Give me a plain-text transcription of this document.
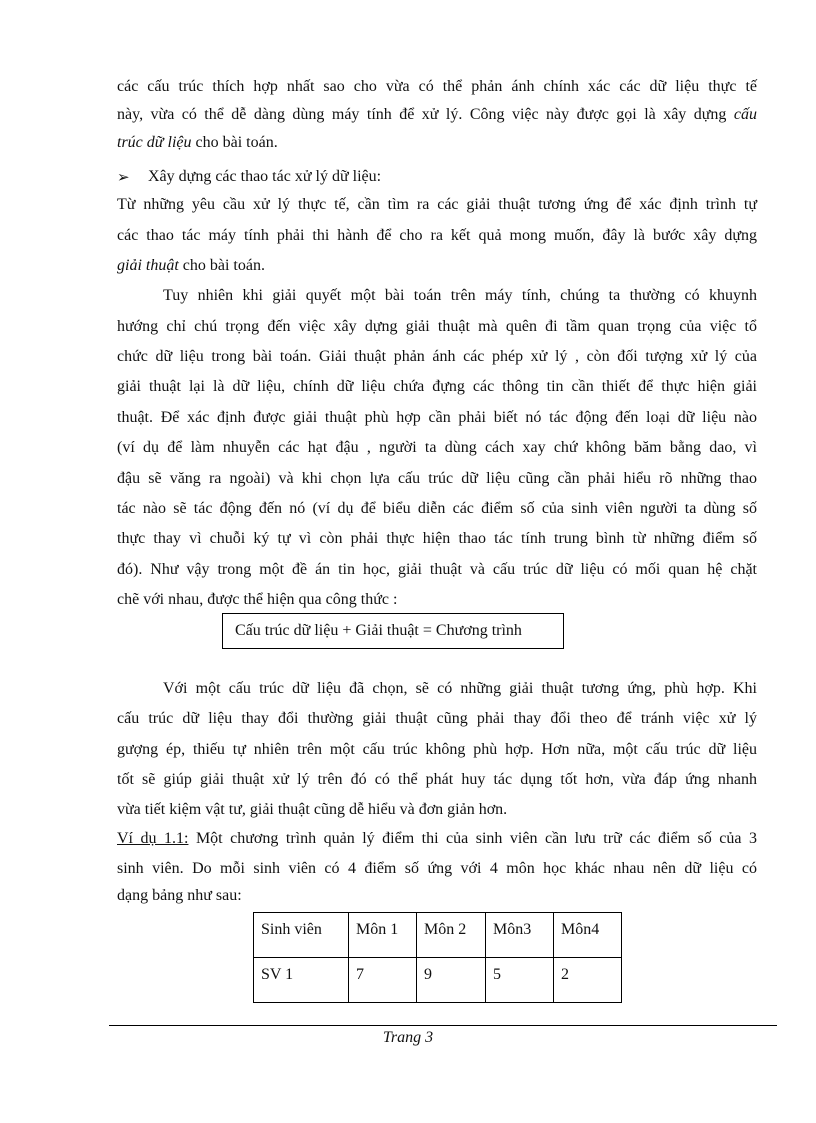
các cấu trúc thích hợp nhất sao cho vừa có thể phản ánh chính xác các dữ liệu thực tế
này, vừa có thể dễ dàng dùng máy tính để xử lý. Công việc này được gọi là xây dựng cấu
trúc dữ liệu cho bài toán.
➢ Xây dựng các thao tác xử lý dữ liệu:
Từ những yêu cầu xử lý thực tế, cần tìm ra các giải thuật tương ứng để xác định trình tự
các thao tác máy tính phải thi hành để cho ra kết quả mong muốn, đây là bước xây dựng
giải thuật cho bài toán.
Tuy nhiên khi giải quyết một bài toán trên máy tính, chúng ta thường có khuynh
hướng chỉ chú trọng đến việc xây dựng giải thuật mà quên đi tầm quan trọng của việc tổ
chức dữ liệu trong bài toán. Giải thuật phản ánh các phép xử lý , còn đối tượng xử lý của
giải thuật lại là dữ liệu, chính dữ liệu chứa đựng các thông tin cần thiết để thực hiện giải
thuật. Để xác định được giải thuật phù hợp cần phải biết nó tác động đến loại dữ liệu nào
(ví dụ để làm nhuyễn các hạt đậu , người ta dùng cách xay chứ không băm bằng dao, vì
đậu sẽ văng ra ngoài) và khi chọn lựa cấu trúc dữ liệu cũng cần phải hiểu rõ những thao
tác nào sẽ tác động đến nó (ví dụ để biểu diễn các điểm số của sinh viên người ta dùng số
thực thay vì chuỗi ký tự vì còn phải thực hiện thao tác tính trung bình từ những điểm số
đó). Như vậy trong một đề án tin học, giải thuật và cấu trúc dữ liệu có mối quan hệ chặt
chẽ với nhau, được thể hiện qua công thức :
Cấu trúc dữ liệu + Giải thuật = Chương trình
Với một cấu trúc dữ liệu đã chọn, sẽ có những giải thuật tương ứng, phù hợp. Khi
cấu trúc dữ liệu thay đổi thường giải thuật cũng phải thay đổi theo để tránh việc xử lý
gượng ép, thiếu tự nhiên trên một cấu trúc không phù hợp. Hơn nữa, một cấu trúc dữ liệu
tốt sẽ giúp giải thuật xử lý trên đó có thể phát huy tác dụng tốt hơn, vừa đáp ứng nhanh
vừa tiết kiệm vật tư, giải thuật cũng dễ hiểu và đơn giản hơn.
Ví dụ 1.1: Một chương trình quản lý điểm thi của sinh viên cần lưu trữ các điểm số của 3
sinh viên. Do mỗi sinh viên có 4 điểm số ứng với 4 môn học khác nhau nên dữ liệu có
dạng bảng như sau:
Sinh viên	Môn 1	Môn 2	Môn3	Môn4
SV 1	7	9	5	2
Trang 3
